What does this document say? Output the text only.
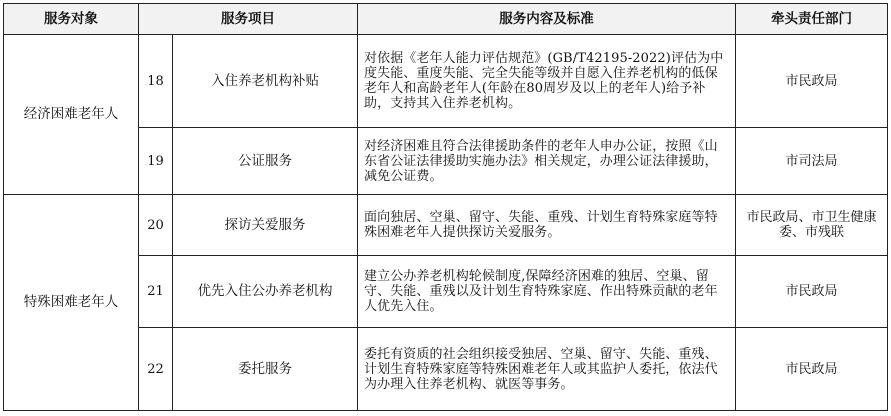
服务对象	服务项目		服务内容及标准	牵头责任部门
经济困难老年人	18	入住养老机构补贴	对依据《老年人能力评估规范》(GB/T42195-2022)评估为中度失能、重度失能、完全失能等级并自愿入住养老机构的低保老年人和高龄老年人(年龄在80周岁及以上的老年人)给予补助，支持其入住养老机构。	市民政局
	19	公证服务	对经济困难且符合法律援助条件的老年人申办公证，按照《山东省公证法律援助实施办法》相关规定，办理公证法律援助，减免公证费。	市司法局
特殊困难老年人	20	探访关爱服务	面向独居、空巢、留守、失能、重残、计划生育特殊家庭等特殊困难老年人提供探访关爱服务。	市民政局、市卫生健康委、市残联
	21	优先入住公办养老机构	建立公办养老机构轮候制度,保障经济困难的独居、空巢、留守、失能、重残以及计划生育特殊家庭、作出特殊贡献的老年人优先入住。	市民政局
	22	委托服务	委托有资质的社会组织接受独居、空巢、留守、失能、重残、计划生育特殊家庭等特殊困难老年人或其监护人委托，依法代为办理入住养老机构、就医等事务。	市民政局
